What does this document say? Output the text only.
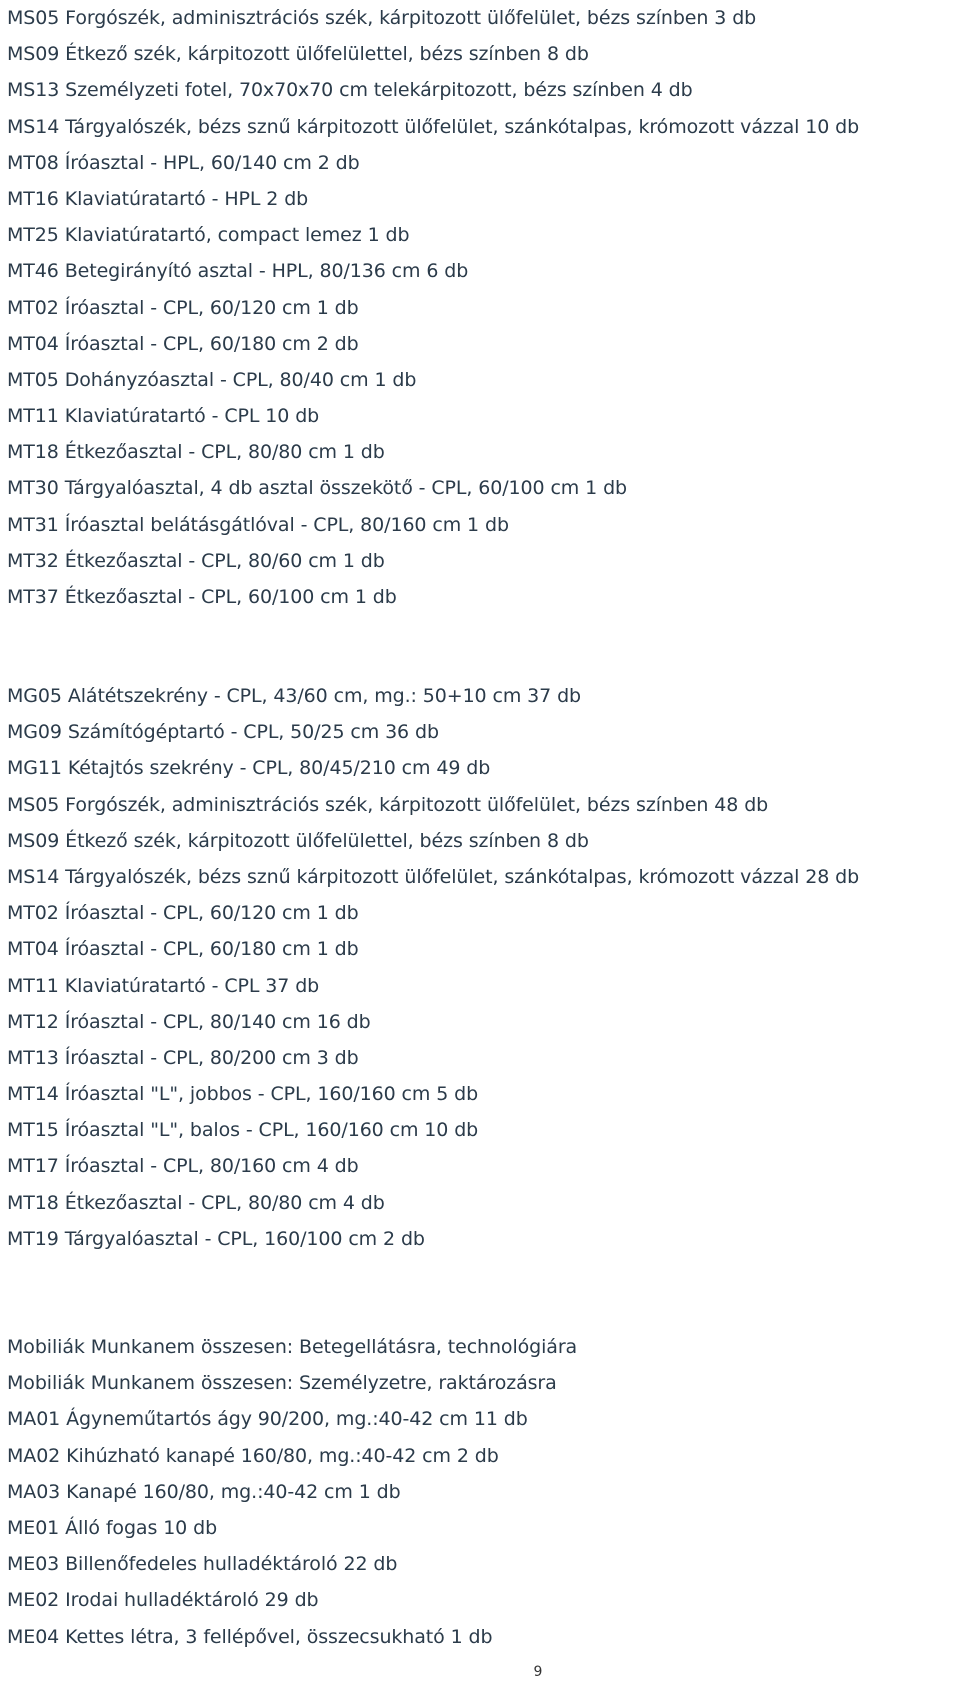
MS05 Forgószék, adminisztrációs szék, kárpitozott ülőfelület, bézs színben 3 db
MS09 Étkező szék, kárpitozott ülőfelülettel, bézs színben 8 db
MS13 Személyzeti fotel, 70x70x70 cm telekárpitozott, bézs színben 4 db
MS14 Tárgyalószék, bézs sznű kárpitozott ülőfelület, szánkótalpas, krómozott vázzal 10 db
MT08 Íróasztal - HPL, 60/140 cm 2 db
MT16 Klaviatúratartó - HPL 2 db
MT25 Klaviatúratartó, compact lemez 1 db
MT46 Betegirányító asztal - HPL, 80/136 cm 6 db
MT02 Íróasztal - CPL, 60/120 cm 1 db
MT04 Íróasztal - CPL, 60/180 cm 2 db
MT05 Dohányzóasztal - CPL, 80/40 cm 1 db
MT11 Klaviatúratartó - CPL 10 db
MT18 Étkezőasztal - CPL, 80/80 cm 1 db
MT30 Tárgyalóasztal, 4 db asztal összekötő - CPL, 60/100 cm 1 db
MT31 Íróasztal belátásgátlóval - CPL, 80/160 cm 1 db
MT32 Étkezőasztal - CPL, 80/60 cm 1 db
MT37 Étkezőasztal - CPL, 60/100 cm 1 db
MG05 Alátétszekrény - CPL, 43/60 cm, mg.: 50+10 cm 37 db
MG09 Számítógéptartó - CPL, 50/25 cm 36 db
MG11 Kétajtós szekrény - CPL, 80/45/210 cm 49 db
MS05 Forgószék, adminisztrációs szék, kárpitozott ülőfelület, bézs színben 48 db
MS09 Étkező szék, kárpitozott ülőfelülettel, bézs színben 8 db
MS14 Tárgyalószék, bézs sznű kárpitozott ülőfelület, szánkótalpas, krómozott vázzal 28 db
MT02 Íróasztal - CPL, 60/120 cm 1 db
MT04 Íróasztal - CPL, 60/180 cm 1 db
MT11 Klaviatúratartó - CPL 37 db
MT12 Íróasztal - CPL, 80/140 cm 16 db
MT13 Íróasztal - CPL, 80/200 cm 3 db
MT14 Íróasztal "L", jobbos - CPL, 160/160 cm 5 db
MT15 Íróasztal "L", balos - CPL, 160/160 cm 10 db
MT17 Íróasztal - CPL, 80/160 cm 4 db
MT18 Étkezőasztal - CPL, 80/80 cm 4 db
MT19 Tárgyalóasztal - CPL, 160/100 cm 2 db
Mobiliák Munkanem összesen: Betegellátásra, technológiára
Mobiliák Munkanem összesen: Személyzetre, raktározásra
MA01 Ágyneműtartós ágy 90/200, mg.:40-42 cm 11 db
MA02 Kihúzható kanapé 160/80, mg.:40-42 cm 2 db
MA03 Kanapé 160/80, mg.:40-42 cm 1 db
ME01 Álló fogas 10 db
ME03 Billenőfedeles hulladéktároló 22 db
ME02 Irodai hulladéktároló 29 db
ME04 Kettes létra, 3 fellépővel, összecsukható 1 db
9
